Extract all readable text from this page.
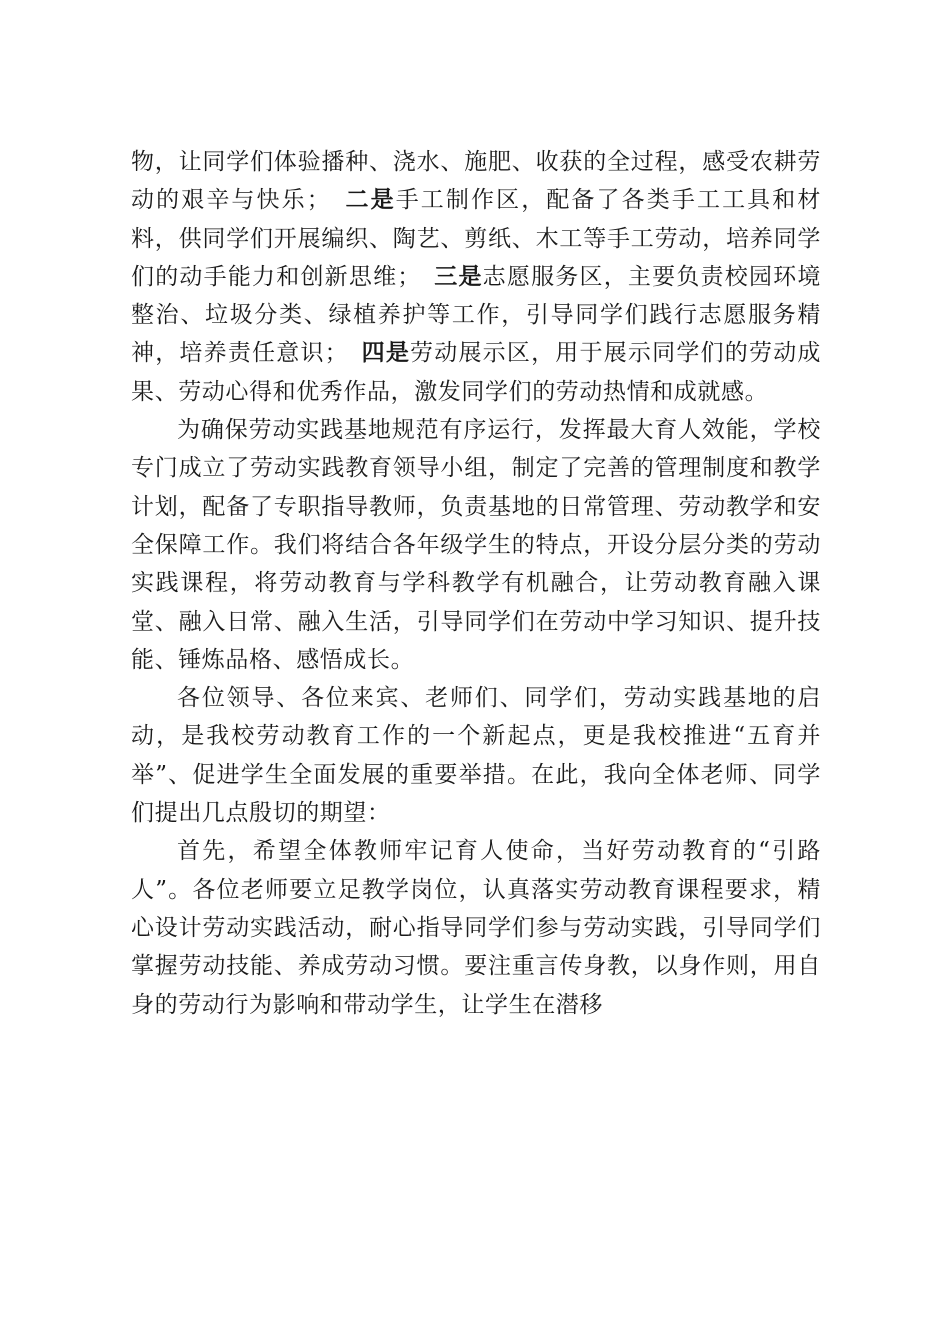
物，让同学们体验播种、浇水、施肥、收获的全过程，感受农耕劳动的艰辛与快乐；　二是手工制作区，配备了各类手工工具和材料，供同学们开展编织、陶艺、剪纸、木工等手工劳动，培养同学们的动手能力和创新思维；　三是志愿服务区，主要负责校园环境整治、垃圾分类、绿植养护等工作，引导同学们践行志愿服务精神，培养责任意识；　四是劳动展示区，用于展示同学们的劳动成果、劳动心得和优秀作品，激发同学们的劳动热情和成就感。

为确保劳动实践基地规范有序运行，发挥最大育人效能，学校专门成立了劳动实践教育领导小组，制定了完善的管理制度和教学计划，配备了专职指导教师，负责基地的日常管理、劳动教学和安全保障工作。我们将结合各年级学生的特点，开设分层分类的劳动实践课程，将劳动教育与学科教学有机融合，让劳动教育融入课堂、融入日常、融入生活，引导同学们在劳动中学习知识、提升技能、锤炼品格、感悟成长。

各位领导、各位来宾、老师们、同学们，劳动实践基地的启动，是我校劳动教育工作的一个新起点，更是我校推进“五育并举”、促进学生全面发展的重要举措。在此，我向全体老师、同学们提出几点殷切的期望：

首先，希望全体教师牢记育人使命，当好劳动教育的“引路人”。各位老师要立足教学岗位，认真落实劳动教育课程要求，精心设计劳动实践活动，耐心指导同学们参与劳动实践，引导同学们掌握劳动技能、养成劳动习惯。要注重言传身教，以身作则，用自身的劳动行为影响和带动学生，让学生在潜移
